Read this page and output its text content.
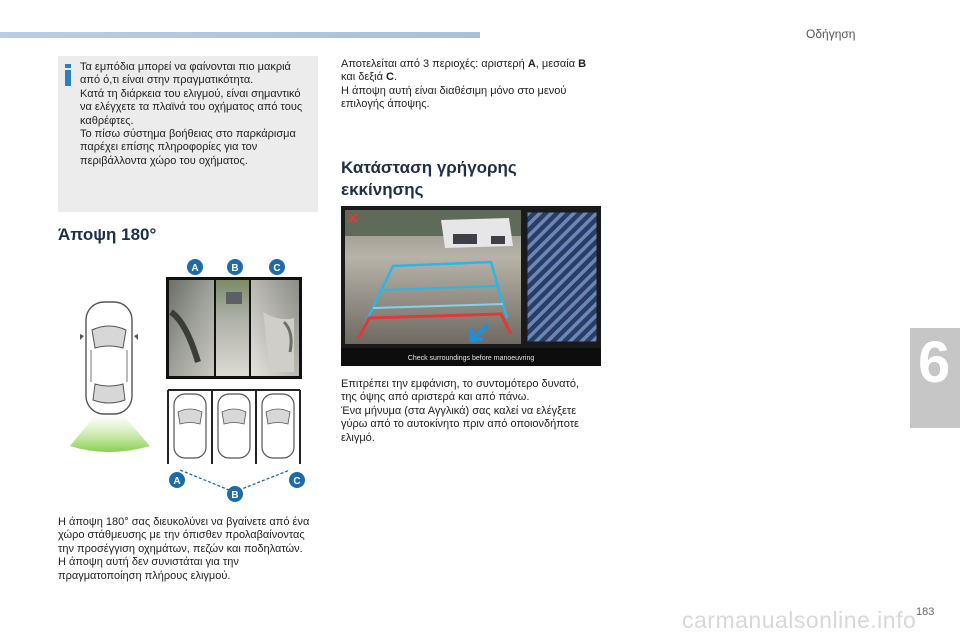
Οδήγηση
6

Τα εμπόδια μπορεί να φαίνονται πιο μακριά

από ό,τι είναι στην πραγματικότητα.

Κατά τη διάρκεια του ελιγμού, είναι σημαντικό

να ελέγχετε τα πλαϊνά του οχήματος από τους

καθρέφτες.

Το πίσω σύστημα βοήθειας στο παρκάρισμα

παρέχει επίσης πληροφορίες για τον

περιβάλλοντα χώρο του οχήματος.

Άποψη 180°
A	B	C
A
B
C

Η άποψη 180° σας διευκολύνει να βγαίνετε από ένα

χώρο στάθμευσης με την όπισθεν προλαβαίνοντας

την προσέγγιση οχημάτων, πεζών και ποδηλατών.

Η άποψη αυτή δεν συνιστάται για την

πραγματοποίηση πλήρους ελιγμού.

Αποτελείται από 3 περιοχές: αριστερή A, μεσαία B

και δεξιά C.

Η άποψη αυτή είναι διαθέσιμη μόνο στο μενού

επιλογής άποψης.

Κατάσταση γρήγορης
εκκίνησης
Check surroundings before manoeuvring

Επιτρέπει την εμφάνιση, το συντομότερο δυνατό,

της όψης από αριστερά και από πάνω.

Ένα μήνυμα (στα Αγγλικά) σας καλεί να ελέγξετε

γύρω από το αυτοκίνητο πριν από οποιονδήποτε

ελιγμό.

183
carmanualsonline.info
